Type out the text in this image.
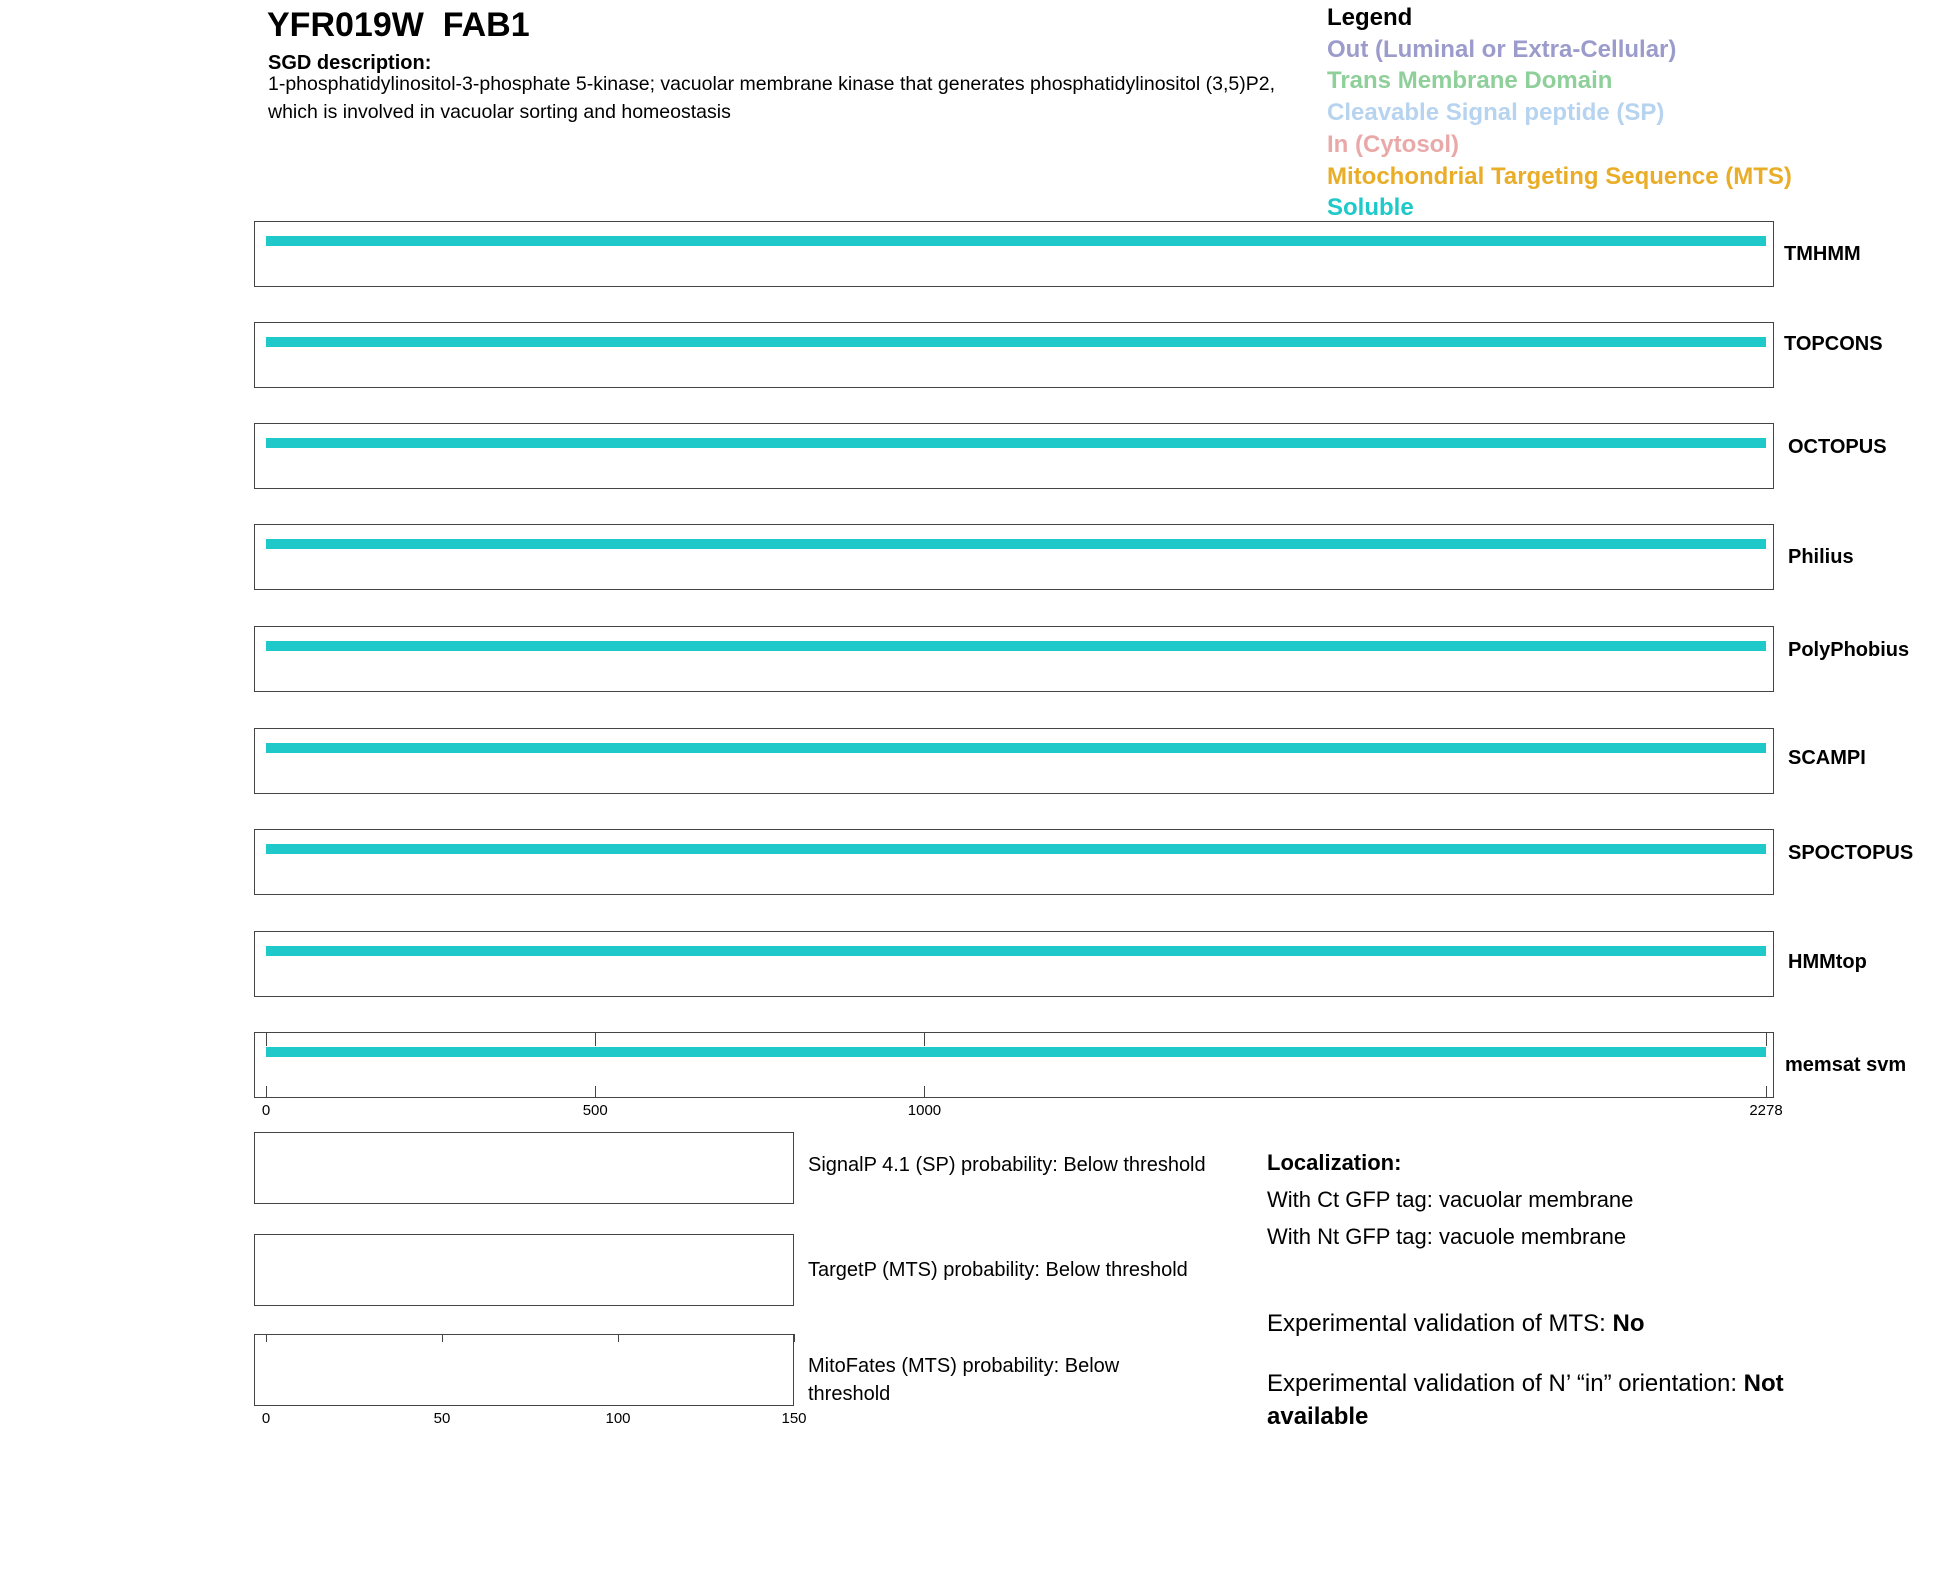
YFR019W  FAB1
SGD description:
1-phosphatidylinositol-3-phosphate 5-kinase; vacuolar membrane kinase that generates phosphatidylinositol (3,5)P2, which is involved in vacuolar sorting and homeostasis
Legend
Out (Luminal or Extra-Cellular)
Trans Membrane Domain
Cleavable Signal peptide (SP)
In (Cytosol)
Mitochondrial Targeting Sequence (MTS)
Soluble
TMHMM
TOPCONS
OCTOPUS
Philius
PolyPhobius
SCAMPI
SPOCTOPUS
HMMtop
memsat svm
0	500	1000	2278
0	50	100	150
SignalP 4.1 (SP) probability: Below threshold
TargetP (MTS) probability: Below threshold
MitoFates (MTS) probability: Below threshold
Localization:
With Ct GFP tag: vacuolar membrane
With Nt GFP tag: vacuole membrane
Experimental validation of MTS: No
Experimental validation of N’ “in” orientation: Not available
